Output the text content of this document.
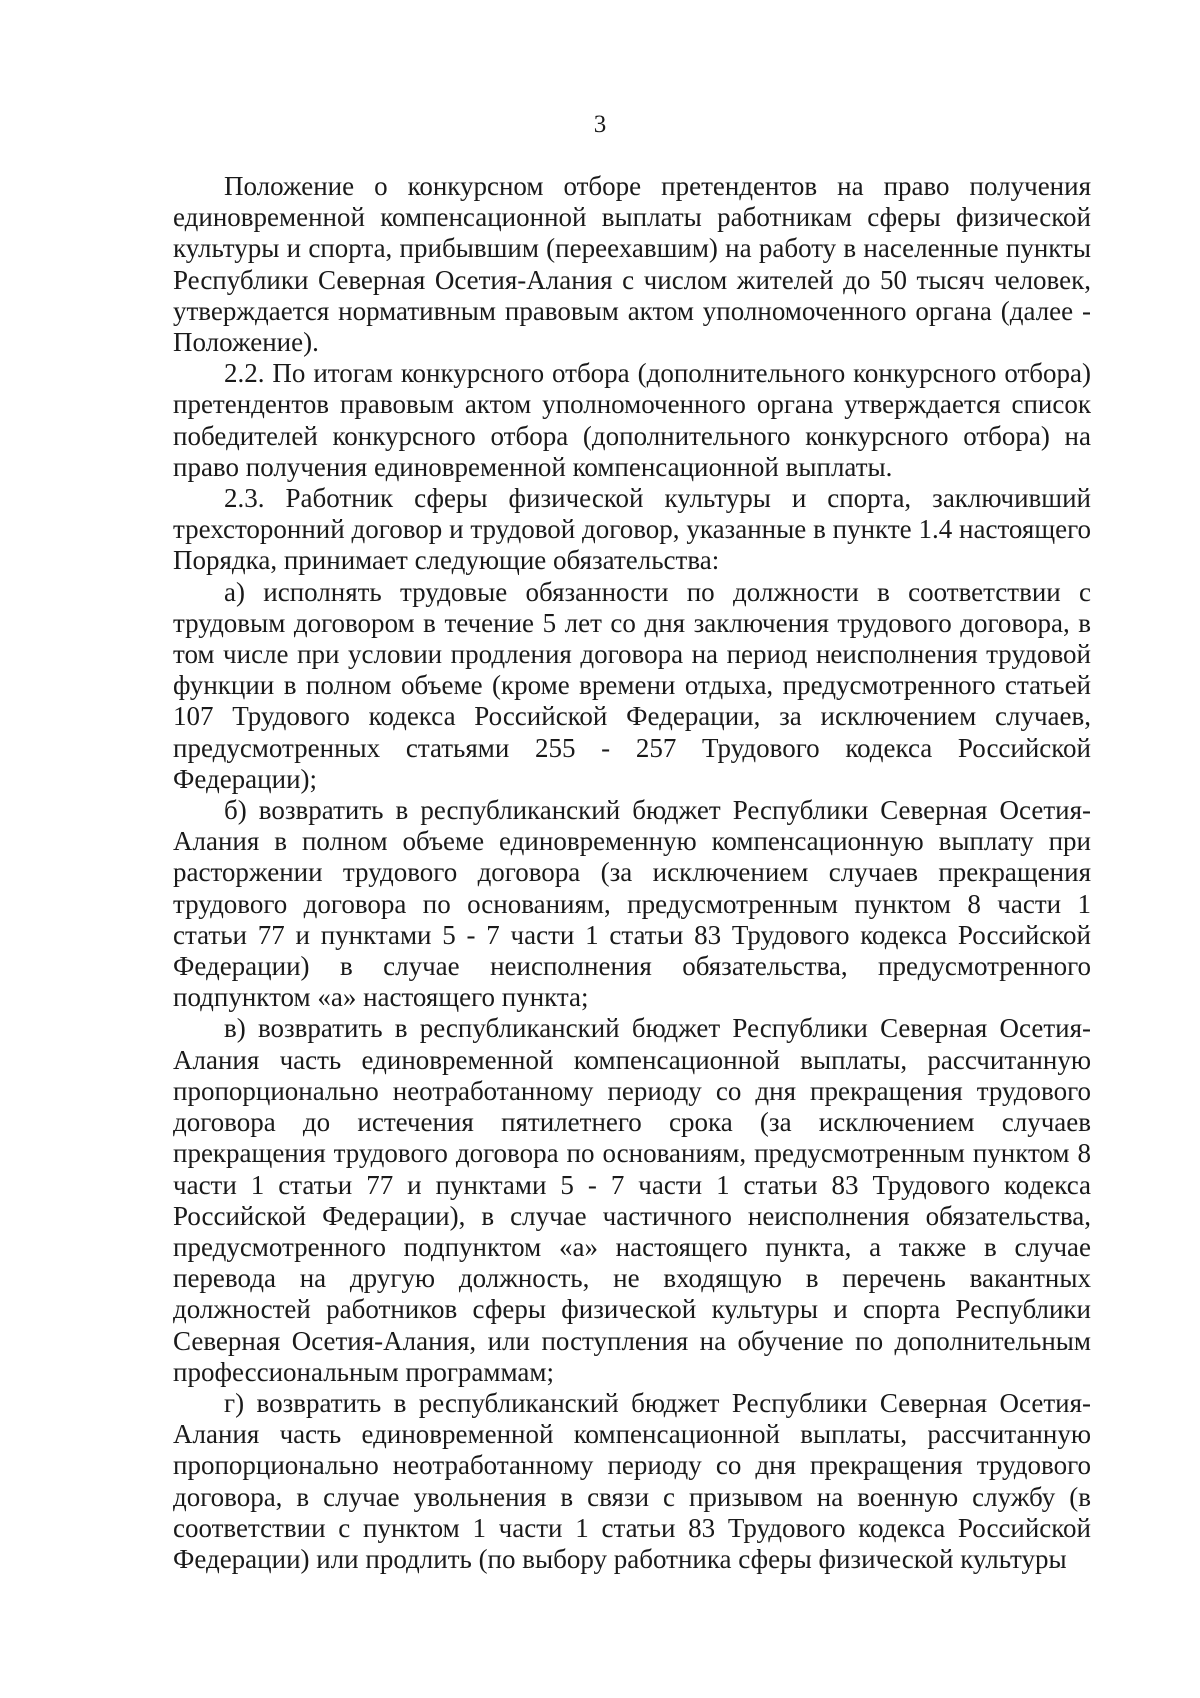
3

Положение о конкурсном отборе претендентов на право получения единовременной компенсационной выплаты работникам сферы физической культуры и спорта, прибывшим (переехавшим) на работу в населенные пункты Республики Северная Осетия-Алания с числом жителей до 50 тысяч человек, утверждается нормативным правовым актом уполномоченного органа (далее - Положение).

2.2. По итогам конкурсного отбора (дополнительного конкурсного отбора) претендентов правовым актом уполномоченного органа утверждается список победителей конкурсного отбора (дополнительного конкурсного отбора) на право получения единовременной компенсационной выплаты.

2.3. Работник сферы физической культуры и спорта, заключивший трехсторонний договор и трудовой договор, указанные в пункте 1.4 настоящего Порядка, принимает следующие обязательства:

а) исполнять трудовые обязанности по должности в соответствии с трудовым договором в течение 5 лет со дня заключения трудового договора, в том числе при условии продления договора на период неисполнения трудовой функции в полном объеме (кроме времени отдыха, предусмотренного статьей 107 Трудового кодекса Российской Федерации, за исключением случаев, предусмотренных статьями 255 - 257 Трудового кодекса Российской Федерации);

б) возвратить в республиканский бюджет Республики Северная Осетия-Алания в полном объеме единовременную компенсационную выплату при расторжении трудового договора (за исключением случаев прекращения трудового договора по основаниям, предусмотренным пунктом 8 части 1 статьи 77 и пунктами 5 - 7 части 1 статьи 83 Трудового кодекса Российской Федерации) в случае неисполнения обязательства, предусмотренного подпунктом «а» настоящего пункта;

в) возвратить в республиканский бюджет Республики Северная Осетия-Алания часть единовременной компенсационной выплаты, рассчитанную пропорционально неотработанному периоду со дня прекращения трудового договора до истечения пятилетнего срока (за исключением случаев прекращения трудового договора по основаниям, предусмотренным пунктом 8 части 1 статьи 77 и пунктами 5 - 7 части 1 статьи 83 Трудового кодекса Российской Федерации), в случае частичного неисполнения обязательства, предусмотренного подпунктом «а» настоящего пункта, а также в случае перевода на другую должность, не входящую в перечень вакантных должностей работников сферы физической культуры и спорта Республики Северная Осетия-Алания, или поступления на обучение по дополнительным профессиональным программам;

г) возвратить в республиканский бюджет Республики Северная Осетия-Алания часть единовременной компенсационной выплаты, рассчитанную пропорционально неотработанному периоду со дня прекращения трудового договора, в случае увольнения в связи с призывом на военную службу (в соответствии с пунктом 1 части 1 статьи 83 Трудового кодекса Российской Федерации) или продлить (по выбору работника сферы физической культуры
